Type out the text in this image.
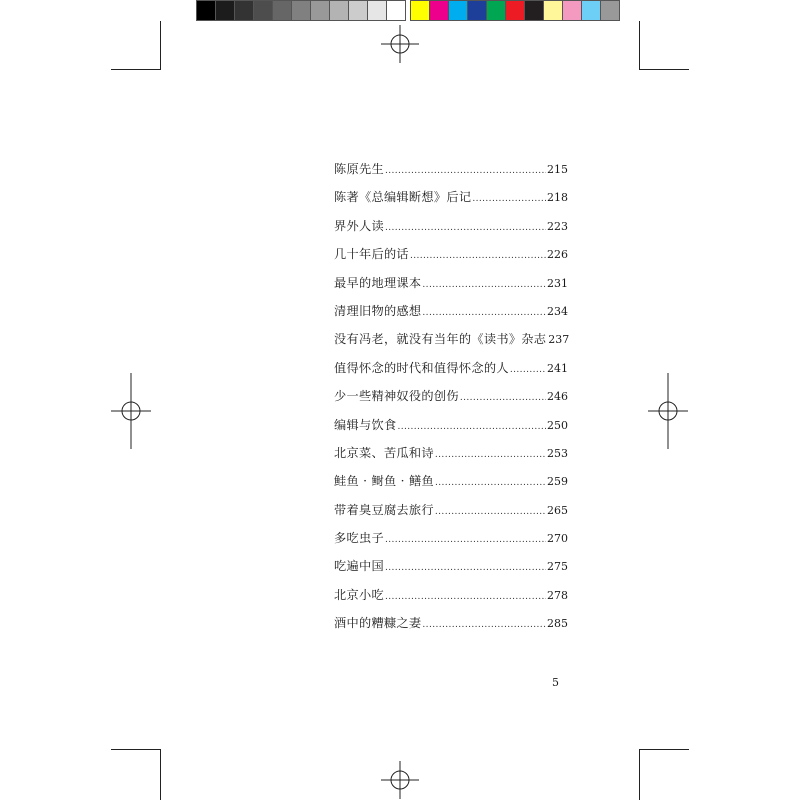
陈原先生 .....	215
陈著《总编辑断想》后记 .....	218
界外人读 .....	223
几十年后的话 .....	226
最早的地理课本 .....	231
清理旧物的感想 .....	234
没有冯老，就没有当年的《读书》杂志 237
值得怀念的时代和值得怀念的人 .....	241
少一些精神奴役的创伤 .....	246
编辑与饮食 .....	250
北京菜、苦瓜和诗 .....	253
鲑鱼 · 鲥鱼 · 鳝鱼 .....	259
带着臭豆腐去旅行 .....	265
多吃虫子 .....	270
吃遍中国 .....	275
北京小吃 .....	278
酒中的糟糠之妻 .....	285
5
